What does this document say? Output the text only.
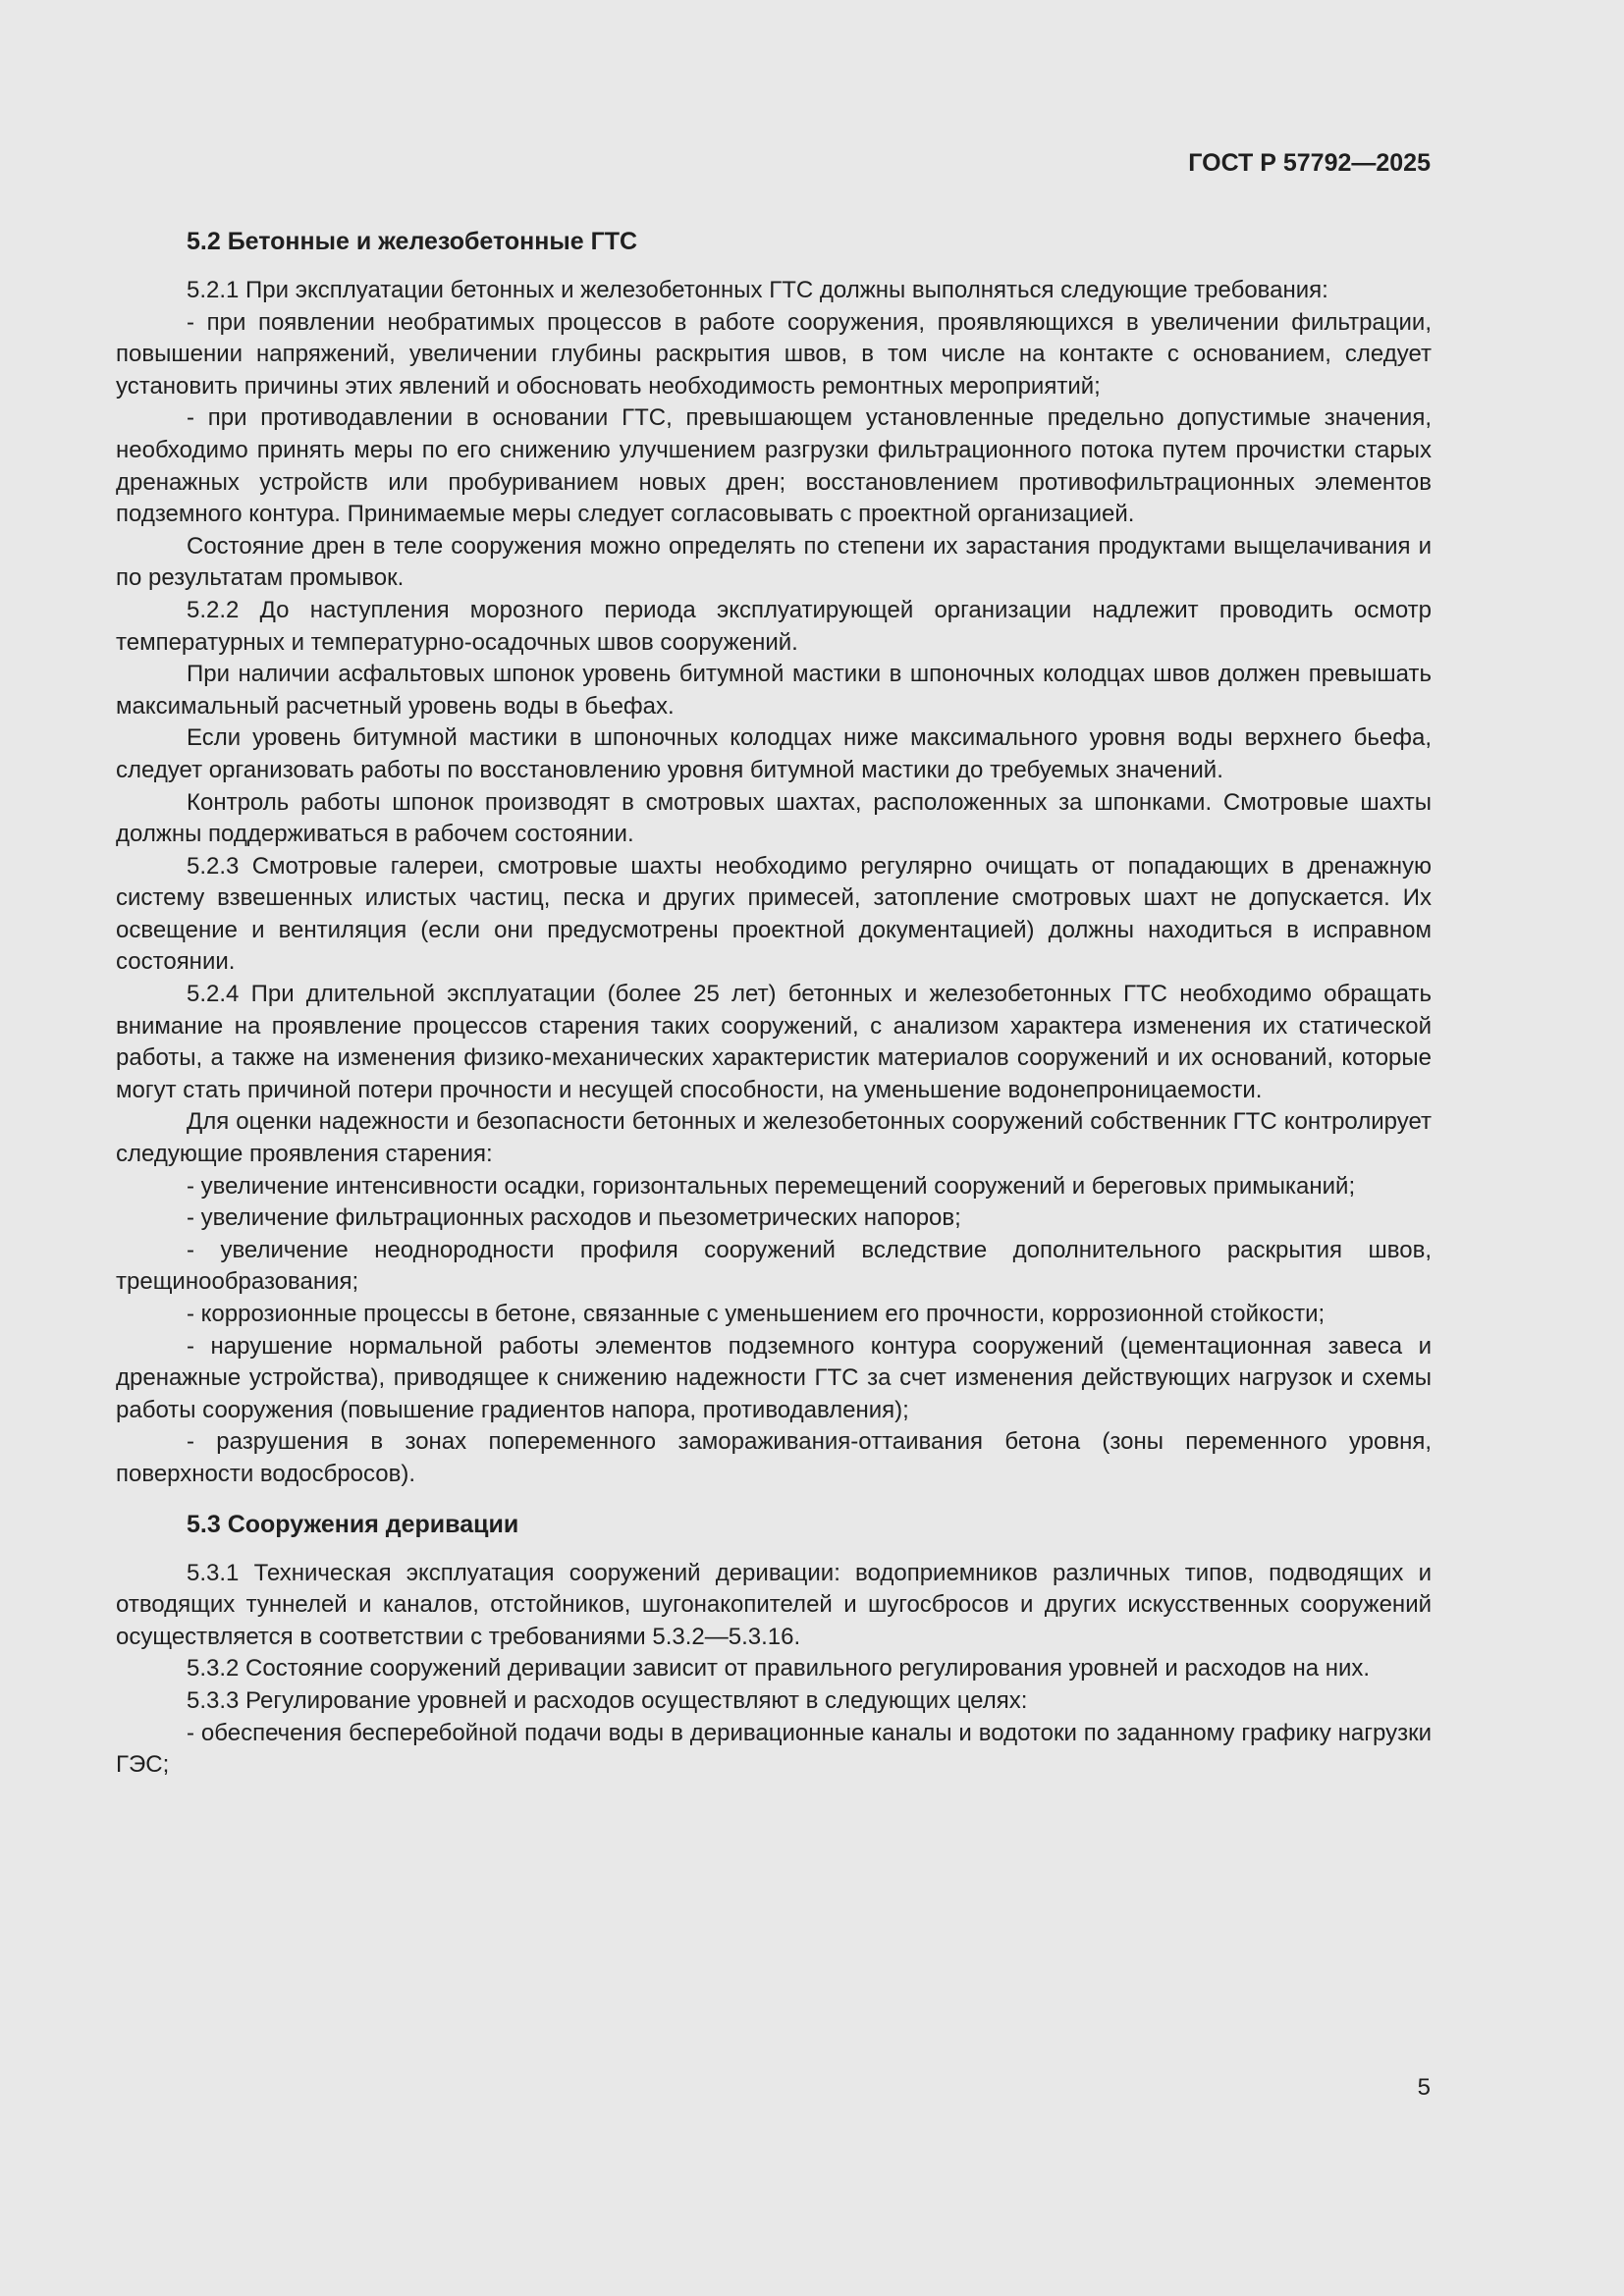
ГОСТ Р 57792—2025
5.2 Бетонные и железобетонные ГТС

5.2.1 При эксплуатации бетонных и железобетонных ГТС должны выполняться следующие требования:

- при появлении необратимых процессов в работе сооружения, проявляющихся в увеличении фильтрации, повышении напряжений, увеличении глубины раскрытия швов, в том числе на контакте с основанием, следует установить причины этих явлений и обосновать необходимость ремонтных мероприятий;

- при противодавлении в основании ГТС, превышающем установленные предельно допустимые значения, необходимо принять меры по его снижению улучшением разгрузки фильтрационного потока путем прочистки старых дренажных устройств или пробуриванием новых дрен; восстановлением противофильтрационных элементов подземного контура. Принимаемые меры следует согласовывать с проектной организацией.

Состояние дрен в теле сооружения можно определять по степени их зарастания продуктами выщелачивания и по результатам промывок.

5.2.2 До наступления морозного периода эксплуатирующей организации надлежит проводить осмотр температурных и температурно-осадочных швов сооружений.

При наличии асфальтовых шпонок уровень битумной мастики в шпоночных колодцах швов должен превышать максимальный расчетный уровень воды в бьефах.

Если уровень битумной мастики в шпоночных колодцах ниже максимального уровня воды верхнего бьефа, следует организовать работы по восстановлению уровня битумной мастики до требуемых значений.

Контроль работы шпонок производят в смотровых шахтах, расположенных за шпонками. Смотровые шахты должны поддерживаться в рабочем состоянии.

5.2.3 Смотровые галереи, смотровые шахты необходимо регулярно очищать от попадающих в дренажную систему взвешенных илистых частиц, песка и других примесей, затопление смотровых шахт не допускается. Их освещение и вентиляция (если они предусмотрены проектной документацией) должны находиться в исправном состоянии.

5.2.4 При длительной эксплуатации (более 25 лет) бетонных и железобетонных ГТС необходимо обращать внимание на проявление процессов старения таких сооружений, с анализом характера изменения их статической работы, а также на изменения физико-механических характеристик материалов сооружений и их оснований, которые могут стать причиной потери прочности и несущей способности, на уменьшение водонепроницаемости.

Для оценки надежности и безопасности бетонных и железобетонных сооружений собственник ГТС контролирует следующие проявления старения:

- увеличение интенсивности осадки, горизонтальных перемещений сооружений и береговых примыканий;

- увеличение фильтрационных расходов и пьезометрических напоров;

- увеличение неоднородности профиля сооружений вследствие дополнительного раскрытия швов, трещинообразования;

- коррозионные процессы в бетоне, связанные с уменьшением его прочности, коррозионной стойкости;

- нарушение нормальной работы элементов подземного контура сооружений (цементационная завеса и дренажные устройства), приводящее к снижению надежности ГТС за счет изменения действующих нагрузок и схемы работы сооружения (повышение градиентов напора, противодавления);

- разрушения в зонах попеременного замораживания-оттаивания бетона (зоны переменного уровня, поверхности водосбросов).

5.3 Сооружения деривации

5.3.1 Техническая эксплуатация сооружений деривации: водоприемников различных типов, подводящих и отводящих туннелей и каналов, отстойников, шугонакопителей и шугосбросов и других искусственных сооружений осуществляется в соответствии с требованиями 5.3.2—5.3.16.

5.3.2 Состояние сооружений деривации зависит от правильного регулирования уровней и расходов на них.

5.3.3 Регулирование уровней и расходов осуществляют в следующих целях:

- обеспечения бесперебойной подачи воды в деривационные каналы и водотоки по заданному графику нагрузки ГЭС;

5
